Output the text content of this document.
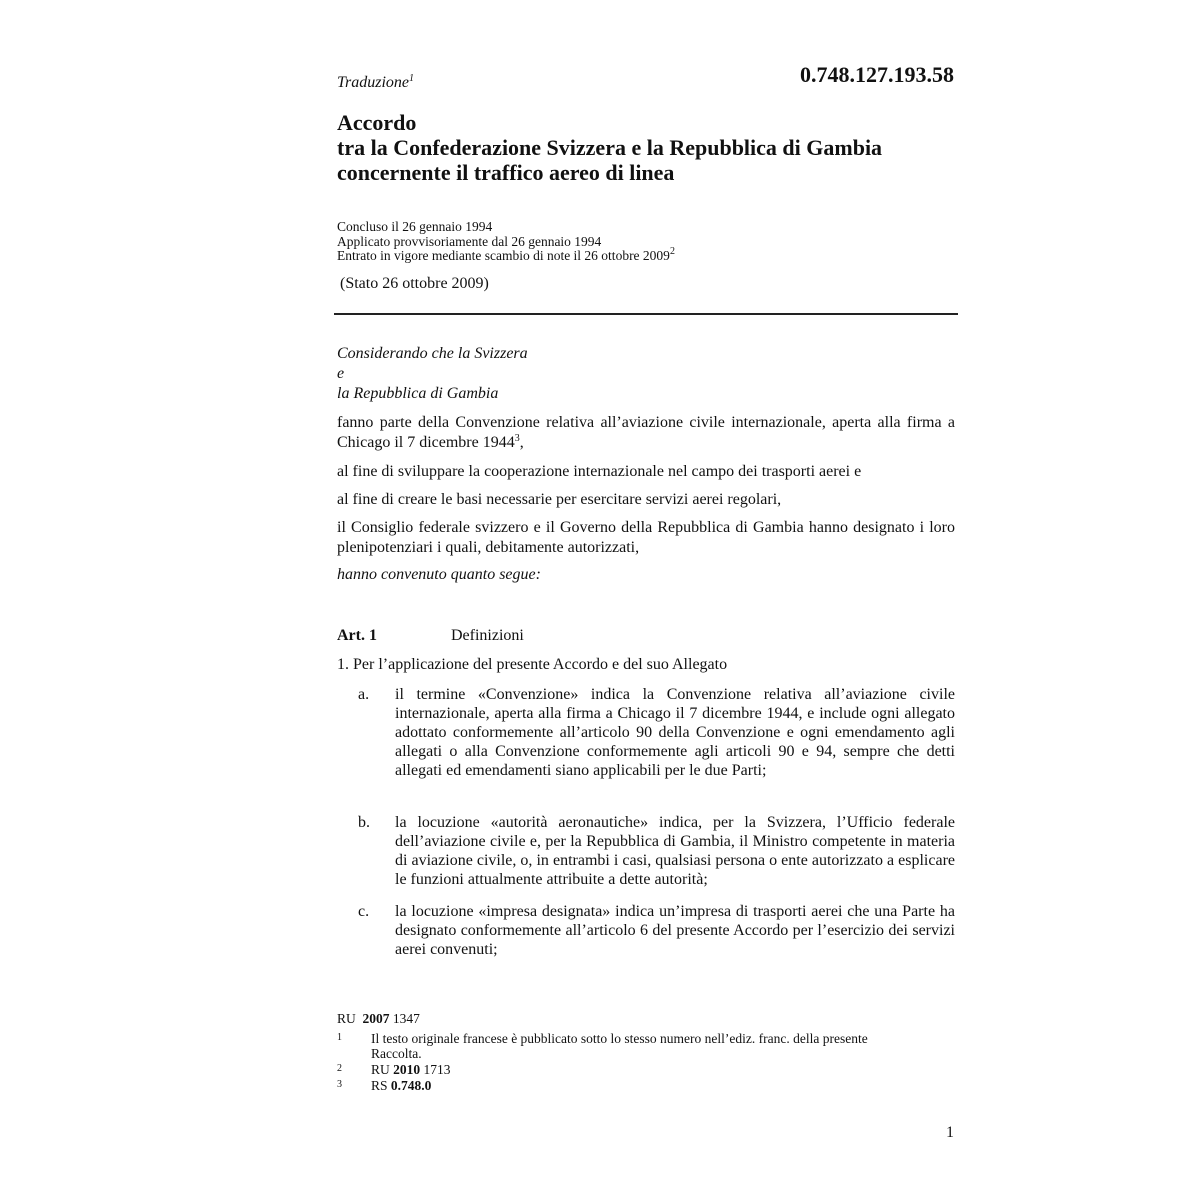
Traduzione$^1$	0.748.127.193.58
Accordo
tra la Confederazione Svizzera e la Repubblica di Gambia
concernente il traffico aereo di linea
Concluso il 26 gennaio 1994
Applicato provvisoriamente dal 26 gennaio 1994
Entrato in vigore mediante scambio di note il 26 ottobre 2009$^2$
(Stato 26 ottobre 2009)
Considerando che la Svizzera
e
la Repubblica di Gambia
fanno parte della Convenzione relativa all’aviazione civile internazionale, aperta alla firma a Chicago il 7 dicembre 1944$^3$,
al fine di sviluppare la cooperazione internazionale nel campo dei trasporti aerei e
al fine di creare le basi necessarie per esercitare servizi aerei regolari,
il Consiglio federale svizzero e il Governo della Repubblica di Gambia hanno designato i loro plenipotenziari i quali, debitamente autorizzati,
hanno convenuto quanto segue:
Art. 1	Definizioni
1. Per l’applicazione del presente Accordo e del suo Allegato
a. il termine «Convenzione» indica la Convenzione relativa all’aviazione civile internazionale, aperta alla firma a Chicago il 7 dicembre 1944, e include ogni allegato adottato conformemente all’articolo 90 della Convenzione e ogni emendamento agli allegati o alla Convenzione conformemente agli articoli 90 e 94, sempre che detti allegati ed emendamenti siano applicabili per le due Parti;
b. la locuzione «autorità aeronautiche» indica, per la Svizzera, l’Ufficio federale dell’aviazione civile e, per la Repubblica di Gambia, il Ministro competente in materia di aviazione civile, o, in entrambi i casi, qualsiasi persona o ente autorizzato a esplicare le funzioni attualmente attribuite a dette autorità;
c. la locuzione «impresa designata» indica un’impresa di trasporti aerei che una Parte ha designato conformemente all’articolo 6 del presente Accordo per l’esercizio dei servizi aerei convenuti;
RU 2007 1347
1 Il testo originale francese è pubblicato sotto lo stesso numero nell’ediz. franc. della presente Raccolta.
2 RU 2010 1713
3 RS 0.748.0
1
